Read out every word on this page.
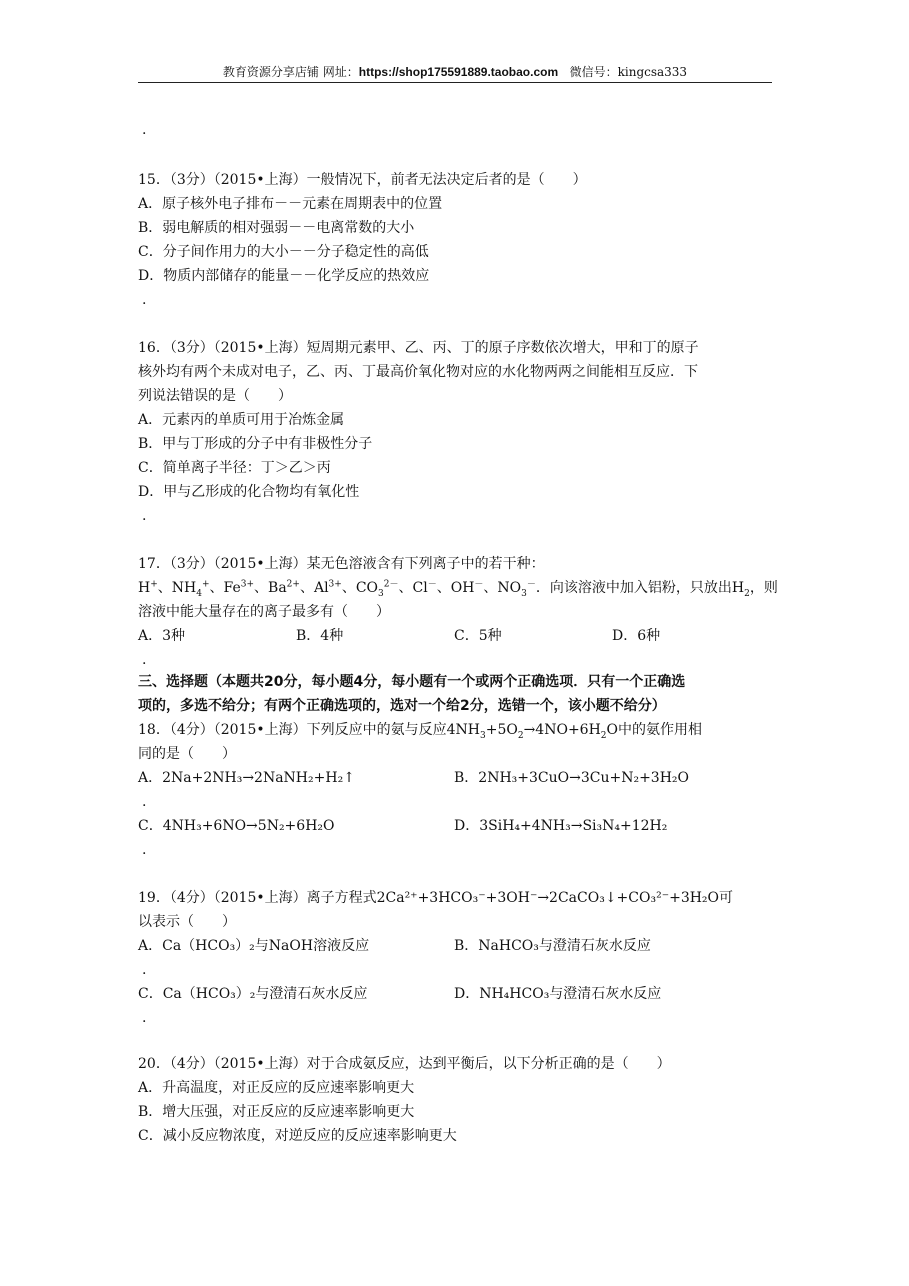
教育资源分享店铺 网址：https://shop175591889.taobao.com 微信号：kingcsa333
.
15．（3分）（2015•上海）一般情况下，前者无法决定后者的是（　　）
A．原子核外电子排布－－元素在周期表中的位置
B．弱电解质的相对强弱－－电离常数的大小
C．分子间作用力的大小－－分子稳定性的高低
D．物质内部储存的能量－－化学反应的热效应
.
16．（3分）（2015•上海）短周期元素甲、乙、丙、丁的原子序数依次增大，甲和丁的原子
核外均有两个未成对电子，乙、丙、丁最高价氧化物对应的水化物两两之间能相互反应．下
列说法错误的是（　　）
A．元素丙的单质可用于冶炼金属
B．甲与丁形成的分子中有非极性分子
C．简单离子半径：丁＞乙＞丙
D．甲与乙形成的化合物均有氧化性
.
17．（3分）（2015•上海）某无色溶液含有下列离子中的若干种：
H+、$NH_4^+$、$Fe^{3+}$、$Ba^{2+}$、$Al^{3+}$、$CO_3^{2-}$、Cl－、OH－、$NO_3^-$．向该溶液中加入铝粉，只放出$H_2$，则
溶液中能大量存在的离子最多有（　　）
A．3种	B．4种	C．5种	D．6种
.
三、选择题（本题共20分，每小题4分，每小题有一个或两个正确选项．只有一个正确选
项的，多选不给分；有两个正确选项的，选对一个给2分，选错一个，该小题不给分）
18．（4分）（2015•上海）下列反应中的氨与反应$4NH_3+5O_2\to 4NO+6H_2O$中的氨作用相
同的是（　　）
A．2Na+2NH₃→2NaNH₂+H₂↑	B．2NH₃+3CuO→3Cu+N₂+3H₂O
.
C．4NH₃+6NO→5N₂+6H₂O	D．3SiH₄+4NH₃→Si₃N₄+12H₂
.
19．（4分）（2015•上海）离子方程式2Ca²⁺+3HCO₃⁻+3OH⁻→2CaCO₃↓+CO₃²⁻+3H₂O可
以表示（　　）
A．Ca（HCO₃）₂与NaOH溶液反应	B．NaHCO₃与澄清石灰水反应
.
C．Ca（HCO₃）₂与澄清石灰水反应	D．NH₄HCO₃与澄清石灰水反应
.
20．（4分）（2015•上海）对于合成氨反应，达到平衡后，以下分析正确的是（　　）
A．升高温度，对正反应的反应速率影响更大
B．增大压强，对正反应的反应速率影响更大
C．减小反应物浓度，对逆反应的反应速率影响更大
